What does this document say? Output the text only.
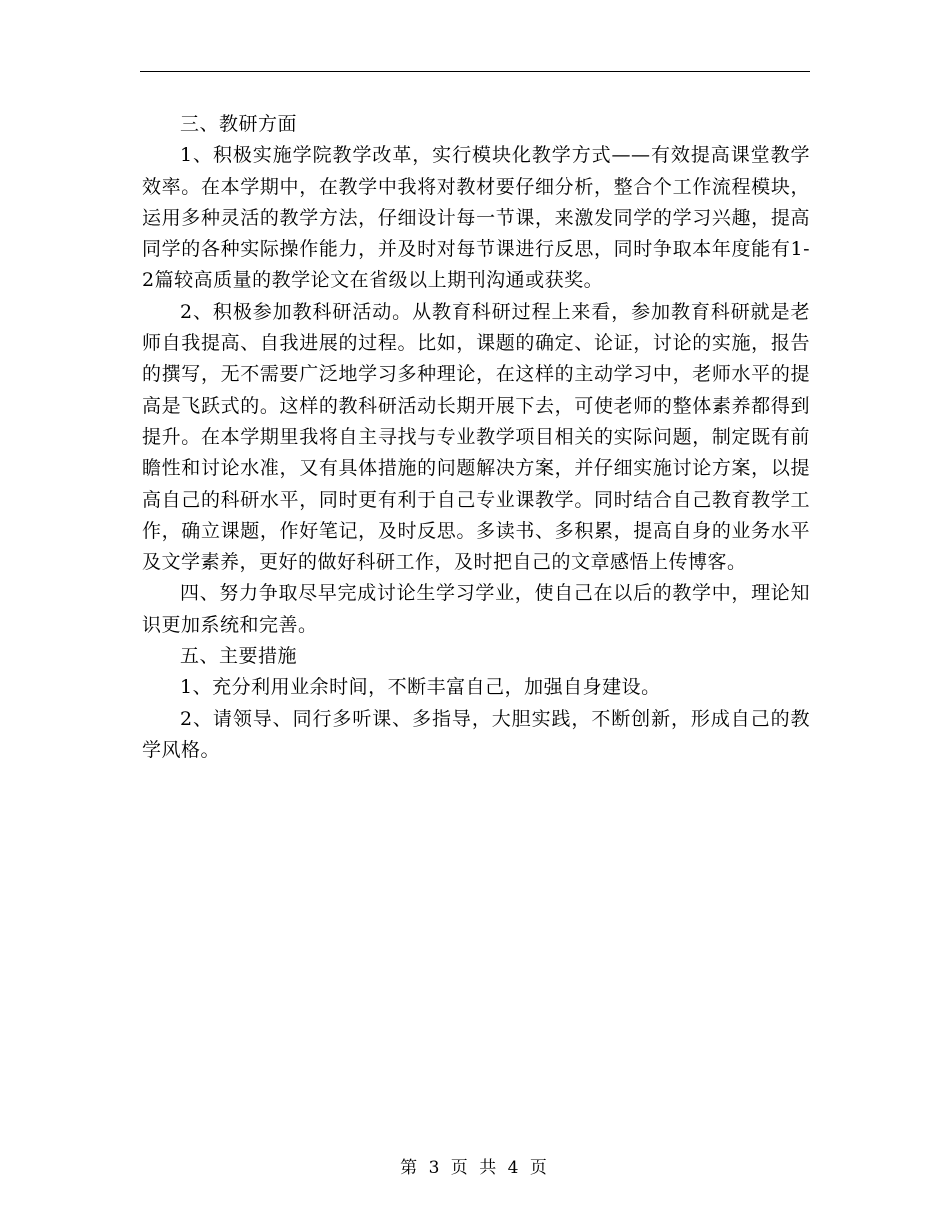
三、教研方面

1、积极实施学院教学改革，实行模块化教学方式——有效提高课堂教学效率。在本学期中，在教学中我将对教材要仔细分析，整合个工作流程模块，运用多种灵活的教学方法，仔细设计每一节课，来激发同学的学习兴趣，提高同学的各种实际操作能力，并及时对每节课进行反思，同时争取本年度能有1-2篇较高质量的教学论文在省级以上期刊沟通或获奖。

2、积极参加教科研活动。从教育科研过程上来看，参加教育科研就是老师自我提高、自我进展的过程。比如，课题的确定、论证，讨论的实施，报告的撰写，无不需要广泛地学习多种理论，在这样的主动学习中，老师水平的提高是飞跃式的。这样的教科研活动长期开展下去，可使老师的整体素养都得到提升。在本学期里我将自主寻找与专业教学项目相关的实际问题，制定既有前瞻性和讨论水准，又有具体措施的问题解决方案，并仔细实施讨论方案，以提高自己的科研水平，同时更有利于自己专业课教学。同时结合自己教育教学工作，确立课题，作好笔记，及时反思。多读书、多积累，提高自身的业务水平及文学素养，更好的做好科研工作，及时把自己的文章感悟上传博客。

四、努力争取尽早完成讨论生学习学业，使自己在以后的教学中，理论知识更加系统和完善。

五、主要措施

1、充分利用业余时间，不断丰富自己，加强自身建设。

2、请领导、同行多听课、多指导，大胆实践，不断创新，形成自己的教学风格。

第 3 页 共 4 页
